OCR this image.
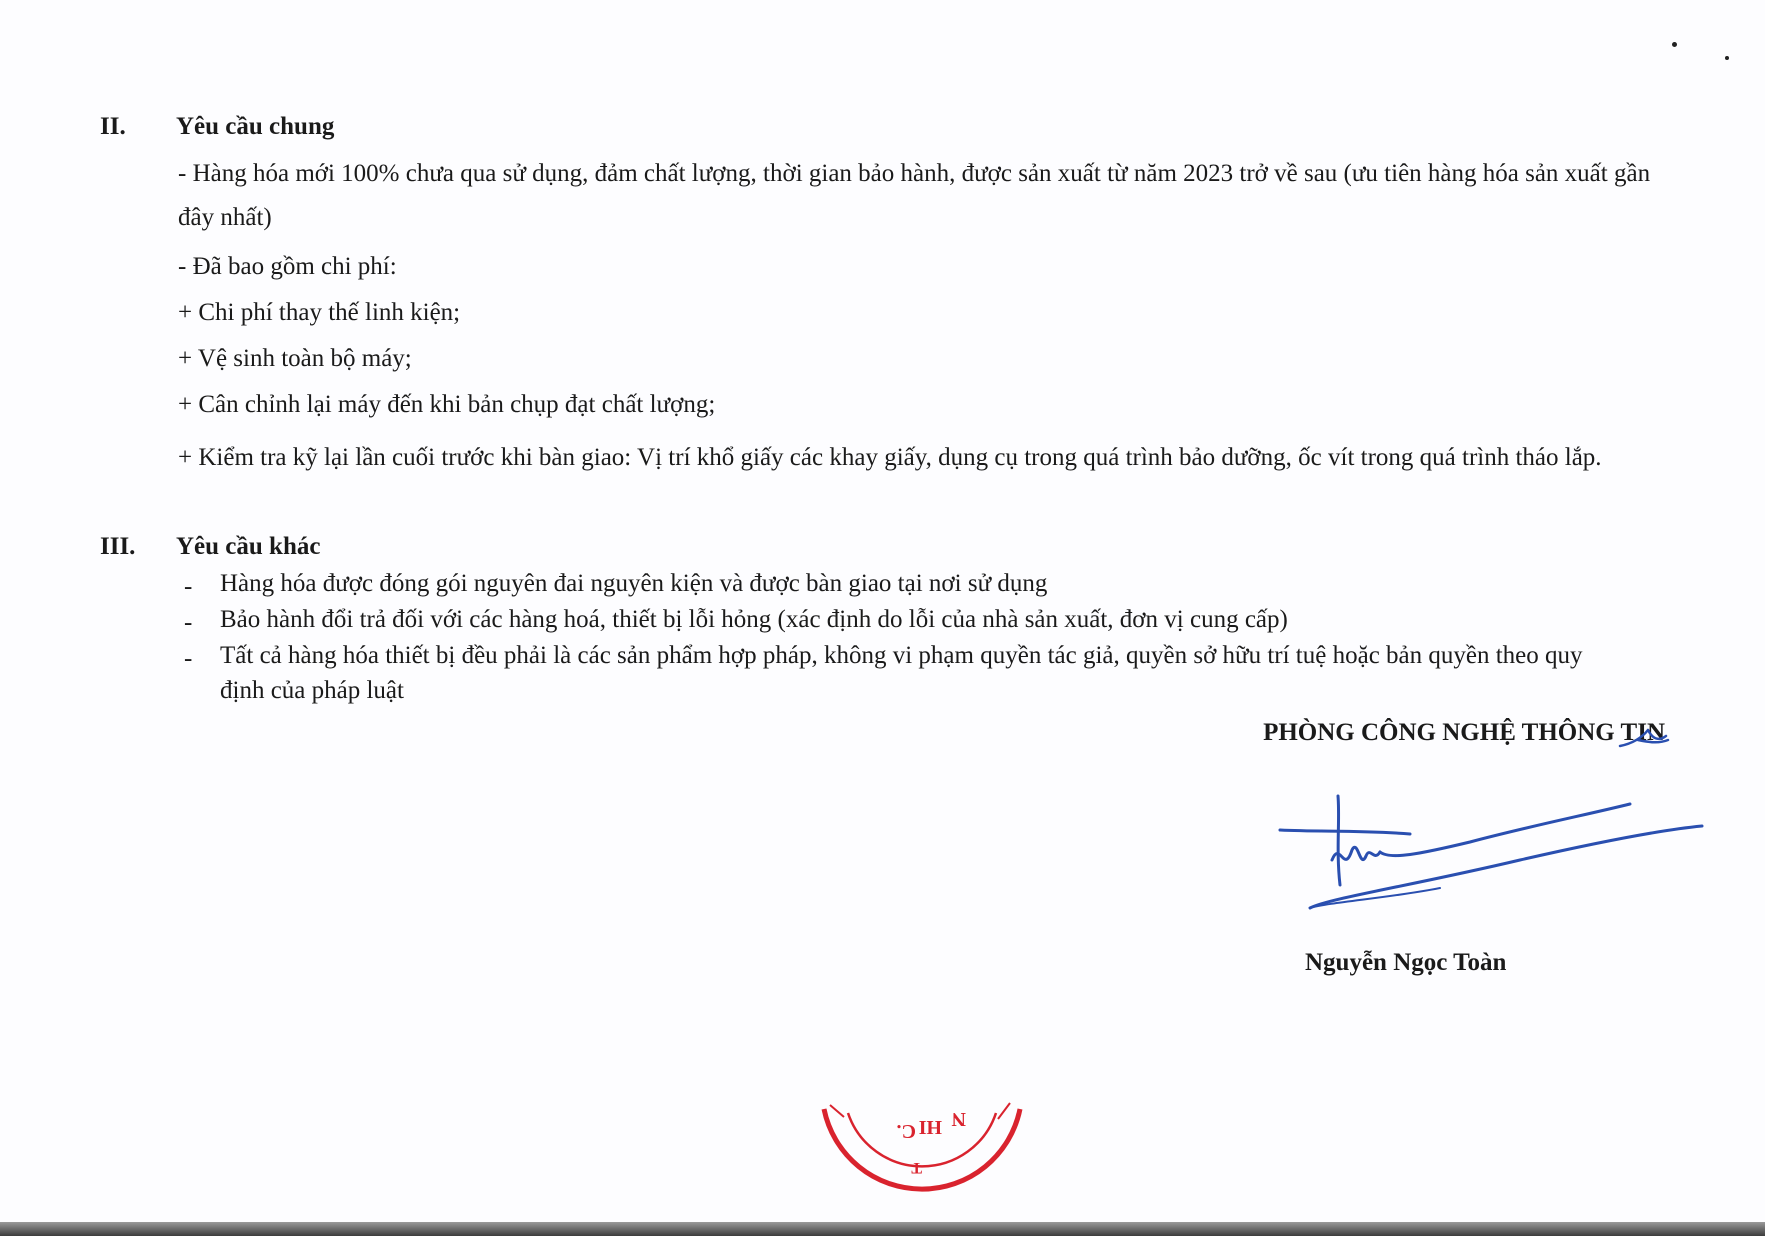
II. Yêu cầu chung
- Hàng hóa mới 100% chưa qua sử dụng, đảm chất lượng, thời gian bảo hành, được sản xuất từ năm 2023 trở về sau (ưu tiên hàng hóa sản xuất gần đây nhất)
- Đã bao gồm chi phí:
+ Chi phí thay thế linh kiện;
+ Vệ sinh toàn bộ máy;
+ Cân chỉnh lại máy đến khi bản chụp đạt chất lượng;
+ Kiểm tra kỹ lại lần cuối trước khi bàn giao: Vị trí khổ giấy các khay giấy, dụng cụ trong quá trình bảo dưỡng, ốc vít trong quá trình tháo lắp.
III. Yêu cầu khác
- Hàng hóa được đóng gói nguyên đai nguyên kiện và được bàn giao tại nơi sử dụng
- Bảo hành đổi trả đối với các hàng hoá, thiết bị lỗi hỏng (xác định do lỗi của nhà sản xuất, đơn vị cung cấp)
- Tất cả hàng hóa thiết bị đều phải là các sản phẩm hợp pháp, không vi phạm quyền tác giả, quyền sở hữu trí tuệ hoặc bản quyền theo quy định của pháp luật
PHÒNG CÔNG NGHỆ THÔNG TIN
Nguyễn Ngọc Toàn
C. HI N
T
